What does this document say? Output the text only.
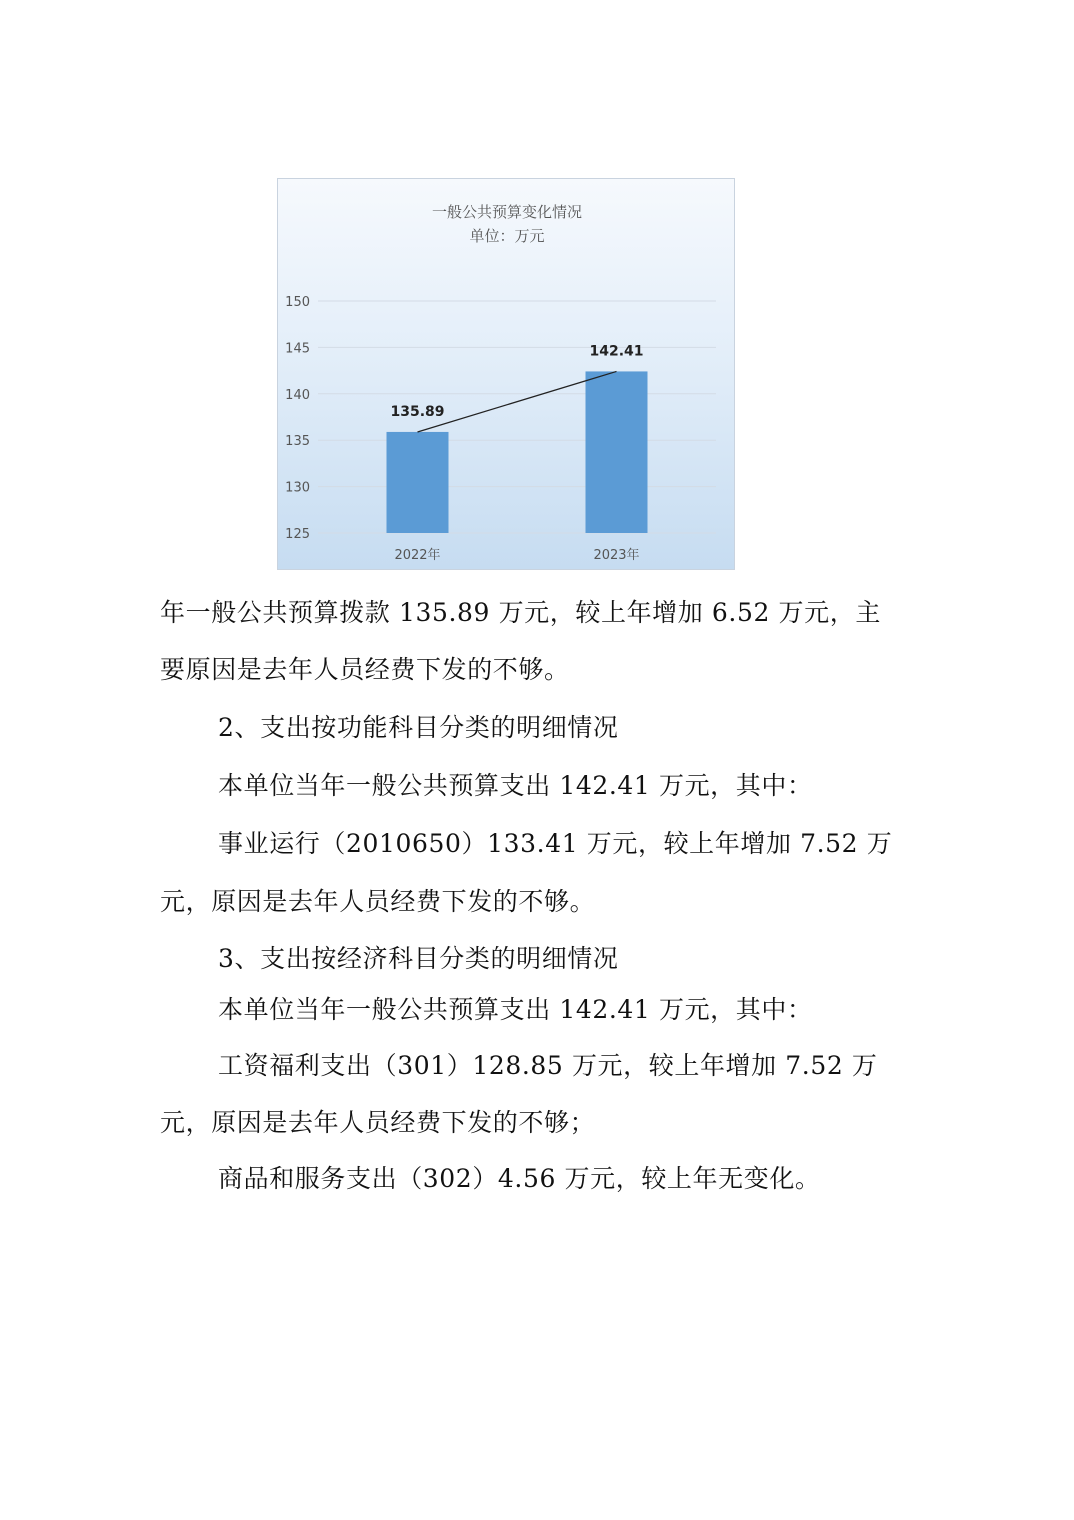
一般公共预算变化情况
单位：万元
125
130
135
140
145
150
2022年
135.89
2023年
142.41

年一般公共预算拨款 135.89 万元，较上年增加 6.52 万元，主

要原因是去年人员经费下发的不够。

2、支出按功能科目分类的明细情况

本单位当年一般公共预算支出 142.41 万元，其中：

事业运行（2010650）133.41 万元，较上年增加 7.52 万

元，原因是去年人员经费下发的不够。

3、支出按经济科目分类的明细情况

本单位当年一般公共预算支出 142.41 万元，其中：

工资福利支出（301）128.85 万元，较上年增加 7.52 万

元，原因是去年人员经费下发的不够；

商品和服务支出（302）4.56 万元，较上年无变化。
